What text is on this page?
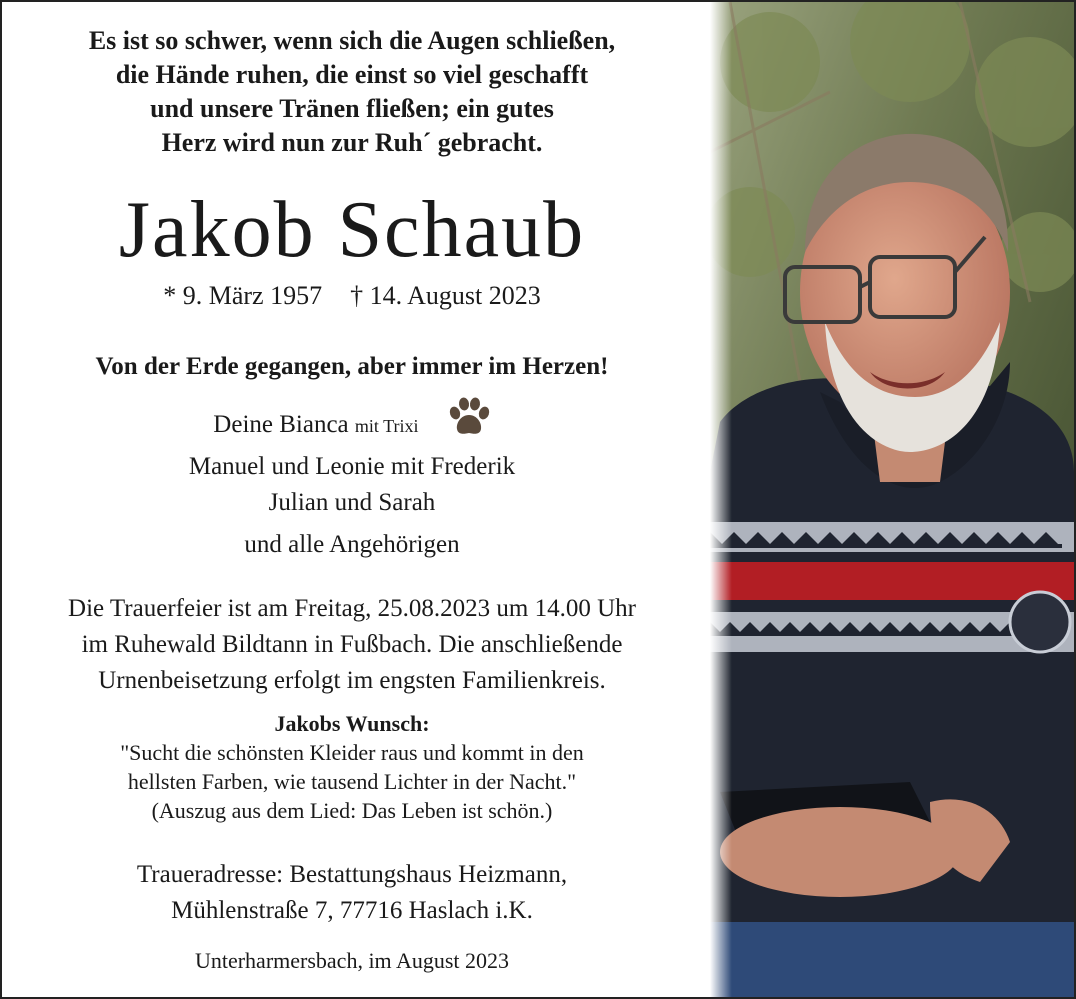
Es ist so schwer, wenn sich die Augen schließen,
die Hände ruhen, die einst so viel geschafft
und unsere Tränen fließen; ein gutes
Herz wird nun zur Ruh´ gebracht.
Jakob Schaub
* 9. März 1957 † 14. August 2023
Von der Erde gegangen, aber immer im Herzen!
Deine Bianca mit Trixi
Manuel und Leonie mit Frederik
Julian und Sarah
und alle Angehörigen
Die Trauerfeier ist am Freitag, 25.08.2023 um 14.00 Uhr
im Ruhewald Bildtann in Fußbach. Die anschließende
Urnenbeisetzung erfolgt im engsten Familienkreis.
Jakobs Wunsch:
"Sucht die schönsten Kleider raus und kommt in den
hellsten Farben, wie tausend Lichter in der Nacht."
(Auszug aus dem Lied: Das Leben ist schön.)
Traueradresse: Bestattungshaus Heizmann,
Mühlenstraße 7, 77716 Haslach i.K.
Unterharmersbach, im August 2023
